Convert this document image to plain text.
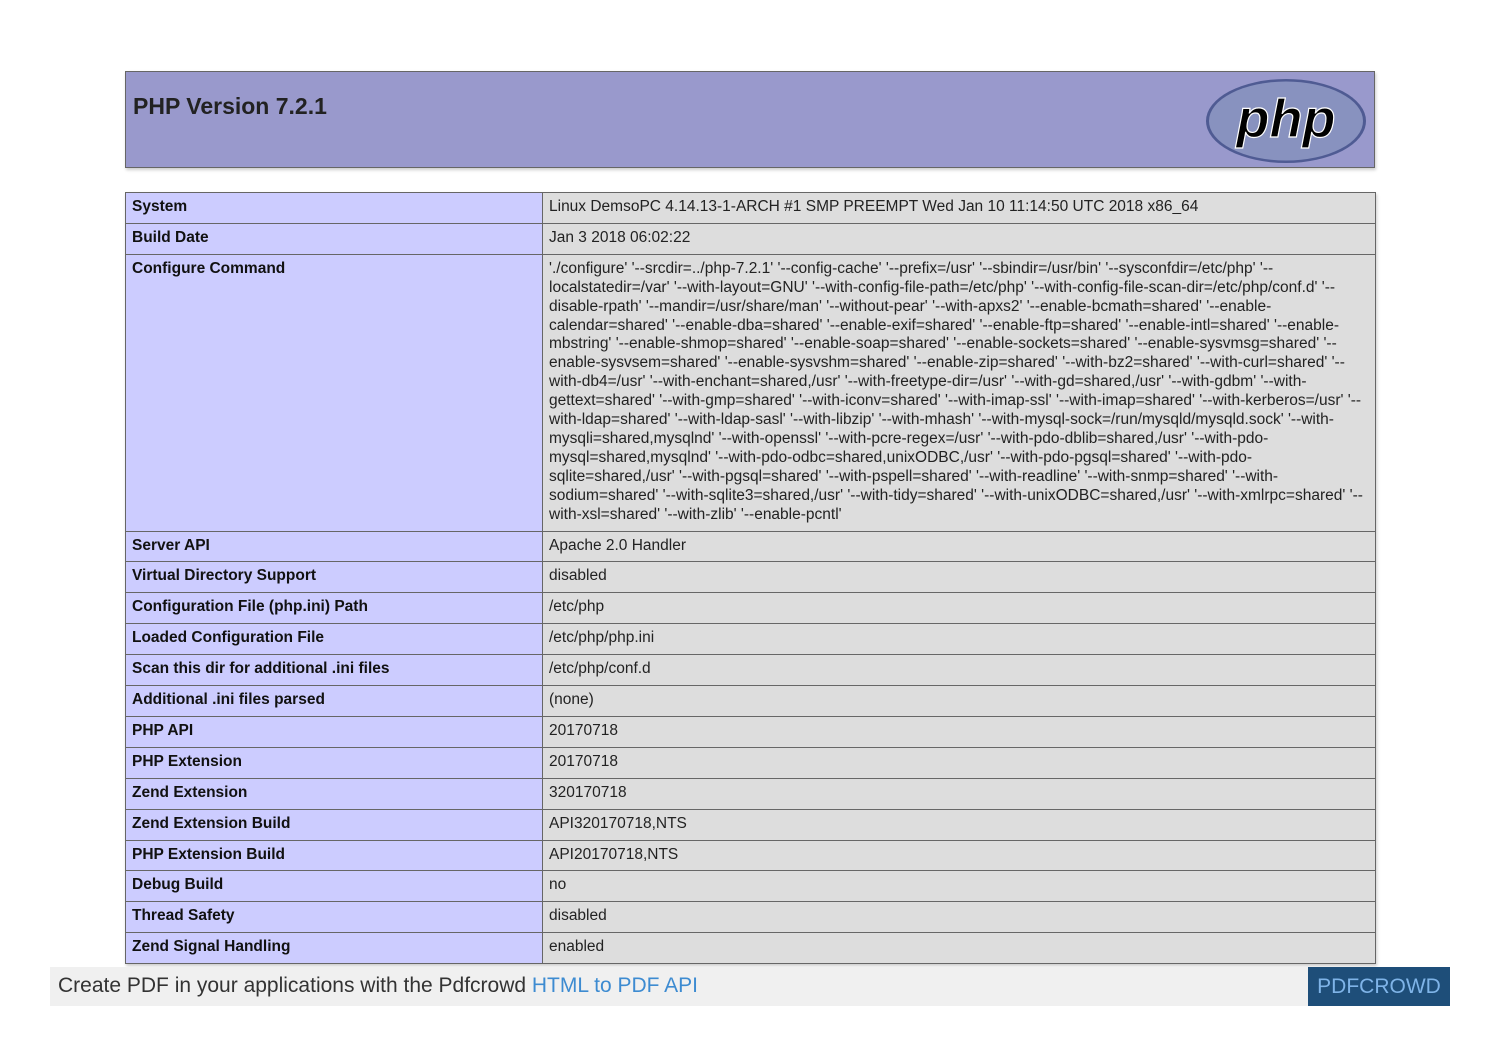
PHP Version 7.2.1	php
System	Linux DemsoPC 4.14.13-1-ARCH #1 SMP PREEMPT Wed Jan 10 11:14:50 UTC 2018 x86_64
Build Date	Jan 3 2018 06:02:22
Configure Command	'./configure' '--srcdir=../php-7.2.1' '--config-cache' '--prefix=/usr' '--sbindir=/usr/bin' '--sysconfdir=/etc/php' '--localstatedir=/var' '--with-layout=GNU' '--with-config-file-path=/etc/php' '--with-config-file-scan-dir=/etc/php/conf.d' '--disable-rpath' '--mandir=/usr/share/man' '--without-pear' '--with-apxs2' '--enable-bcmath=shared' '--enable-calendar=shared' '--enable-dba=shared' '--enable-exif=shared' '--enable-ftp=shared' '--enable-intl=shared' '--enable-mbstring' '--enable-shmop=shared' '--enable-soap=shared' '--enable-sockets=shared' '--enable-sysvmsg=shared' '--enable-sysvsem=shared' '--enable-sysvshm=shared' '--enable-zip=shared' '--with-bz2=shared' '--with-curl=shared' '--with-db4=/usr' '--with-enchant=shared,/usr' '--with-freetype-dir=/usr' '--with-gd=shared,/usr' '--with-gdbm' '--with-gettext=shared' '--with-gmp=shared' '--with-iconv=shared' '--with-imap-ssl' '--with-imap=shared' '--with-kerberos=/usr' '--with-ldap=shared' '--with-ldap-sasl' '--with-libzip' '--with-mhash' '--with-mysql-sock=/run/mysqld/mysqld.sock' '--with-mysqli=shared,mysqlnd' '--with-openssl' '--with-pcre-regex=/usr' '--with-pdo-dblib=shared,/usr' '--with-pdo-mysql=shared,mysqlnd' '--with-pdo-odbc=shared,unixODBC,/usr' '--with-pdo-pgsql=shared' '--with-pdo-sqlite=shared,/usr' '--with-pgsql=shared' '--with-pspell=shared' '--with-readline' '--with-snmp=shared' '--with-sodium=shared' '--with-sqlite3=shared,/usr' '--with-tidy=shared' '--with-unixODBC=shared,/usr' '--with-xmlrpc=shared' '--with-xsl=shared' '--with-zlib' '--enable-pcntl'
Server API	Apache 2.0 Handler
Virtual Directory Support	disabled
Configuration File (php.ini) Path	/etc/php
Loaded Configuration File	/etc/php/php.ini
Scan this dir for additional .ini files	/etc/php/conf.d
Additional .ini files parsed	(none)
PHP API	20170718
PHP Extension	20170718
Zend Extension	320170718
Zend Extension Build	API320170718,NTS
PHP Extension Build	API20170718,NTS
Debug Build	no
Thread Safety	disabled
Zend Signal Handling	enabled
Create PDF in your applications with the Pdfcrowd HTML to PDF API	PDFCROWD
